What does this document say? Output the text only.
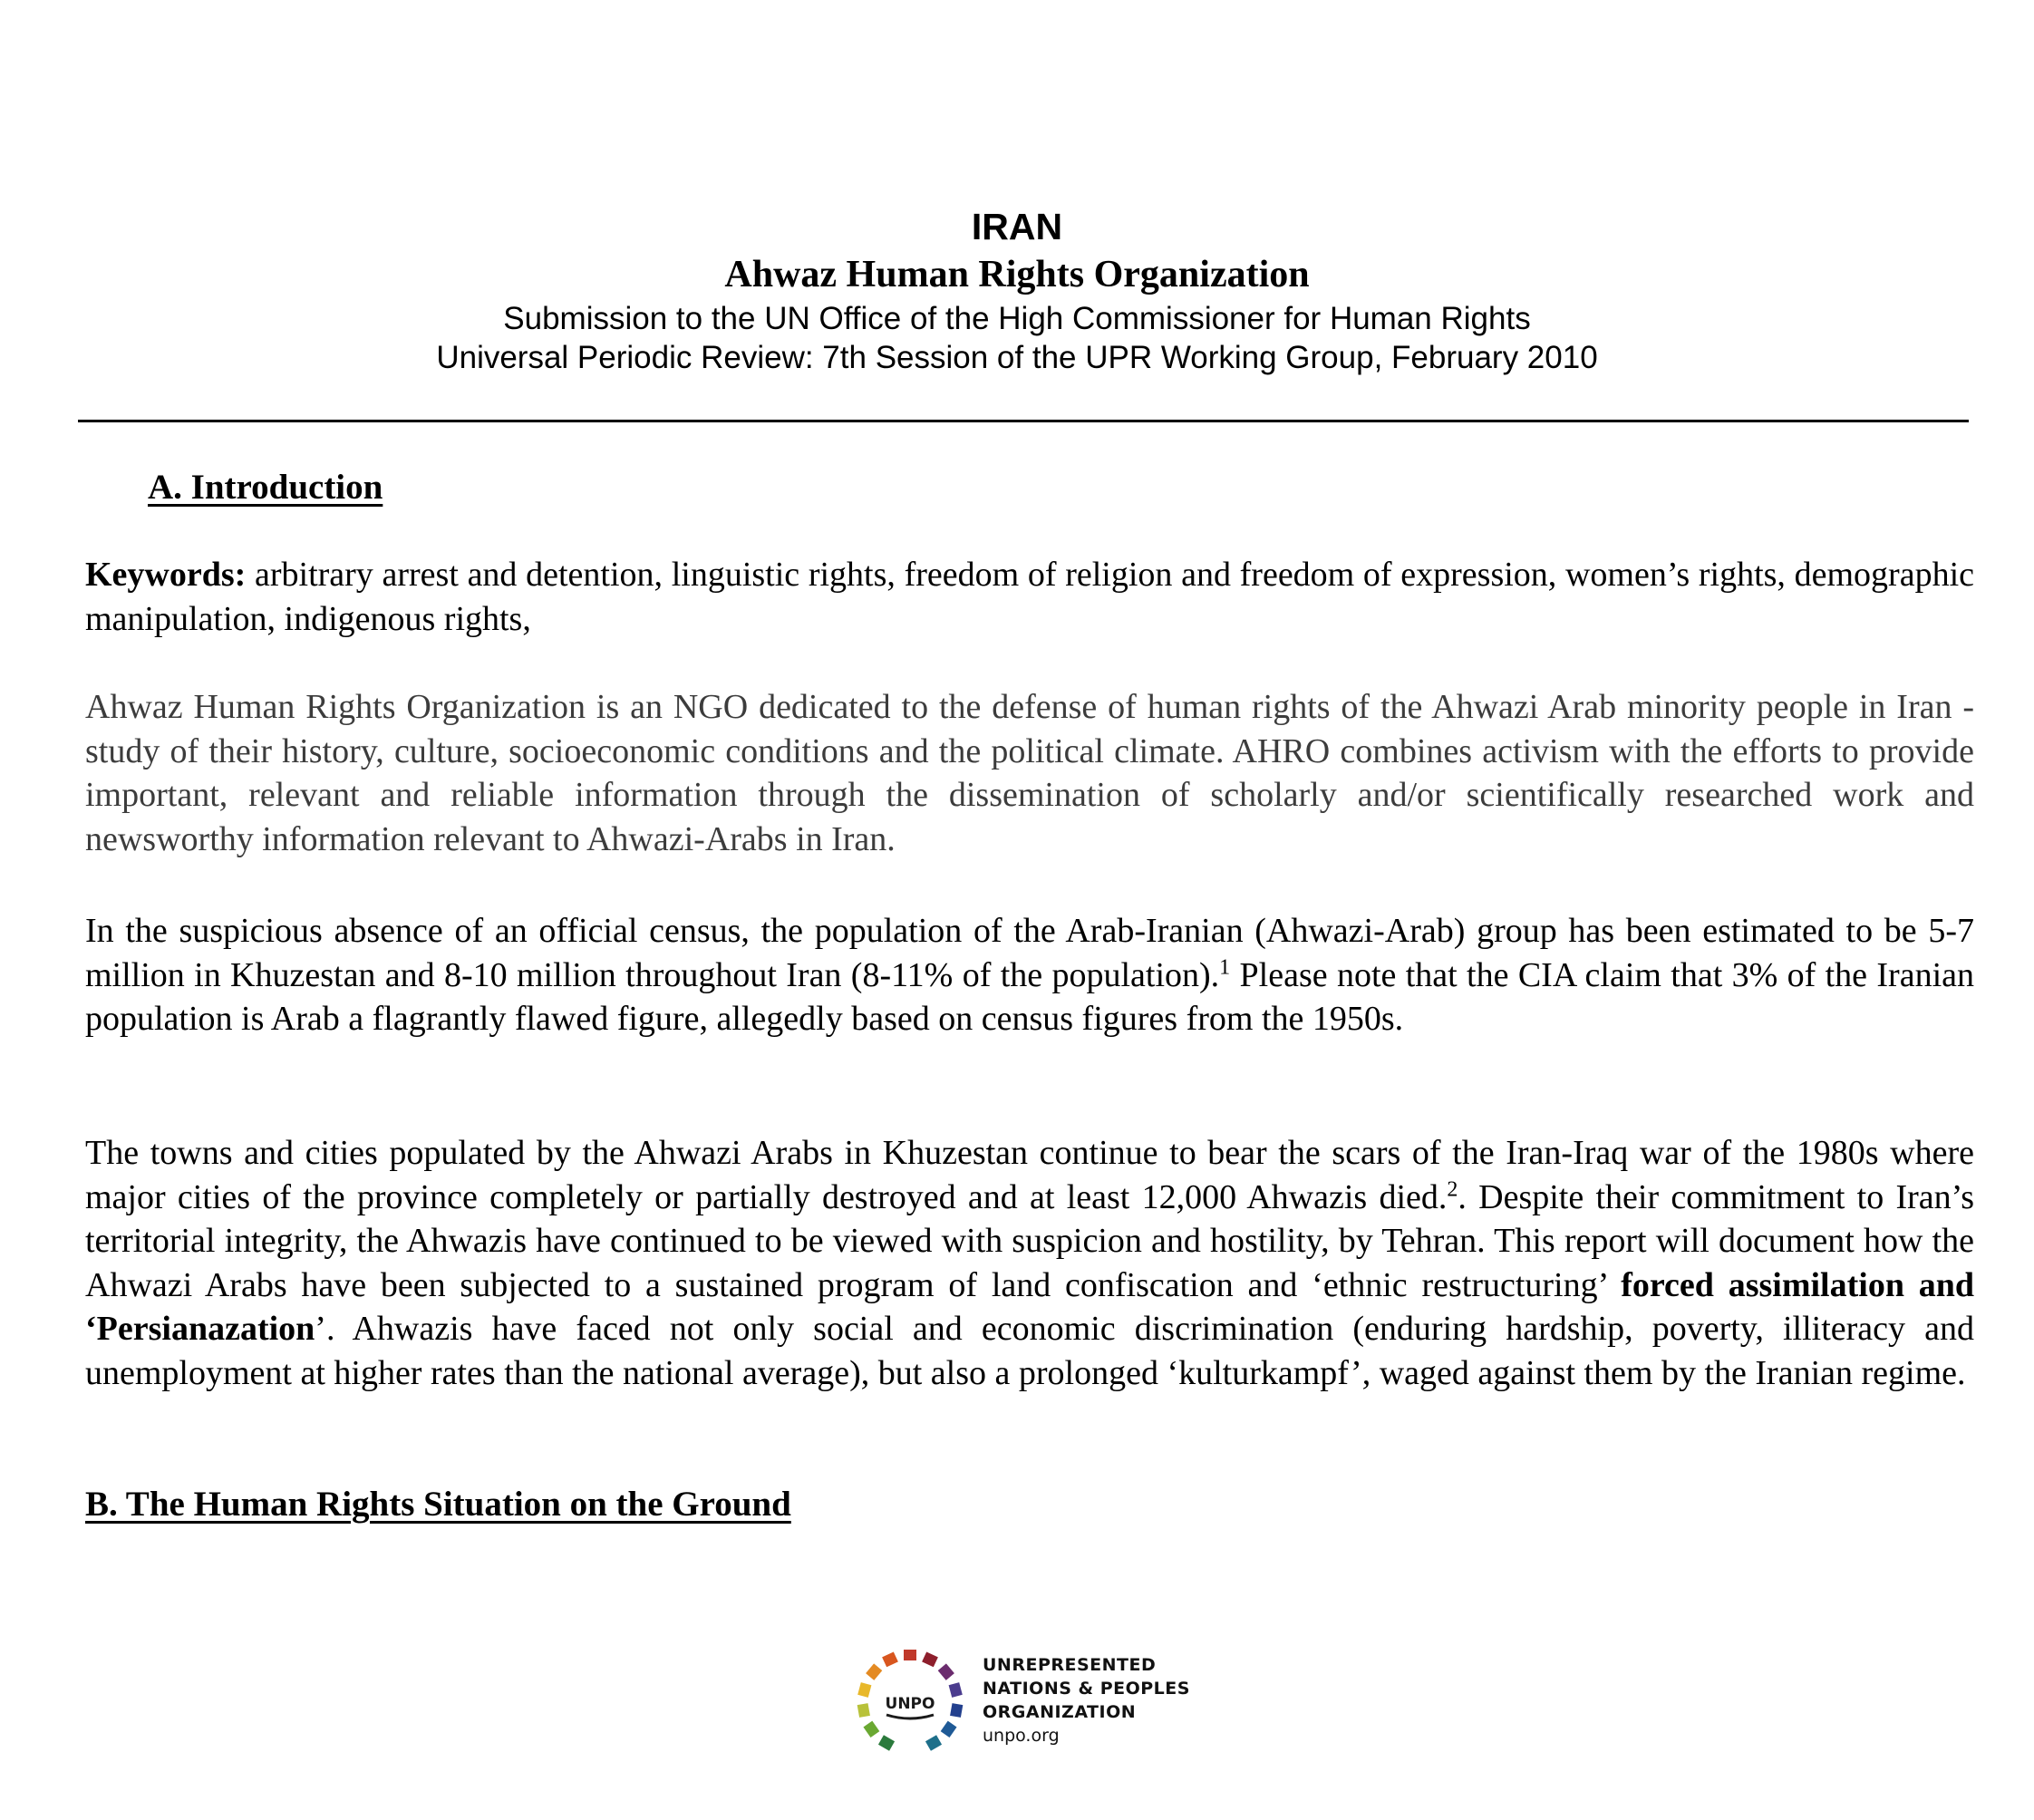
IRAN
Ahwaz Human Rights Organization
Submission to the UN Office of the High Commissioner for Human Rights
Universal Periodic Review: 7th Session of the UPR Working Group, February 2010
A. Introduction
Keywords: arbitrary arrest and detention, linguistic rights, freedom of religion and freedom of expression, women’s rights, demographic manipulation, indigenous rights,
Ahwaz Human Rights Organization is an NGO dedicated to the defense of human rights of the Ahwazi Arab minority people in Iran - study of their history, culture, socioeconomic conditions and the political climate. AHRO combines activism with the efforts to provide important, relevant and reliable information through the dissemination of scholarly and/or scientifically researched work and newsworthy information relevant to Ahwazi-Arabs in Iran.
In the suspicious absence of an official census, the population of the Arab-Iranian (Ahwazi-Arab) group has been estimated to be 5-7 million in Khuzestan and 8-10 million throughout Iran (8-11% of the population).$^1$ Please note that the CIA claim that 3% of the Iranian population is Arab a flagrantly flawed figure, allegedly based on census figures from the 1950s.
The towns and cities populated by the Ahwazi Arabs in Khuzestan continue to bear the scars of the Iran-Iraq war of the 1980s where major cities of the province completely or partially destroyed and at least 12,000 Ahwazis died.$^2$. Despite their commitment to Iran’s territorial integrity, the Ahwazis have continued to be viewed with suspicion and hostility, by Tehran. This report will document how the Ahwazi Arabs have been subjected to a sustained program of land confiscation and ‘ethnic restructuring’ forced assimilation and ‘Persianazation’. Ahwazis have faced not only social and economic discrimination (enduring hardship, poverty, illiteracy and unemployment at higher rates than the national average), but also a prolonged ‘kulturkampf’, waged against them by the Iranian regime.
B. The Human Rights Situation on the Ground
UNPO
UNREPRESENTED
NATIONS & PEOPLES
ORGANIZATION
unpo.org
